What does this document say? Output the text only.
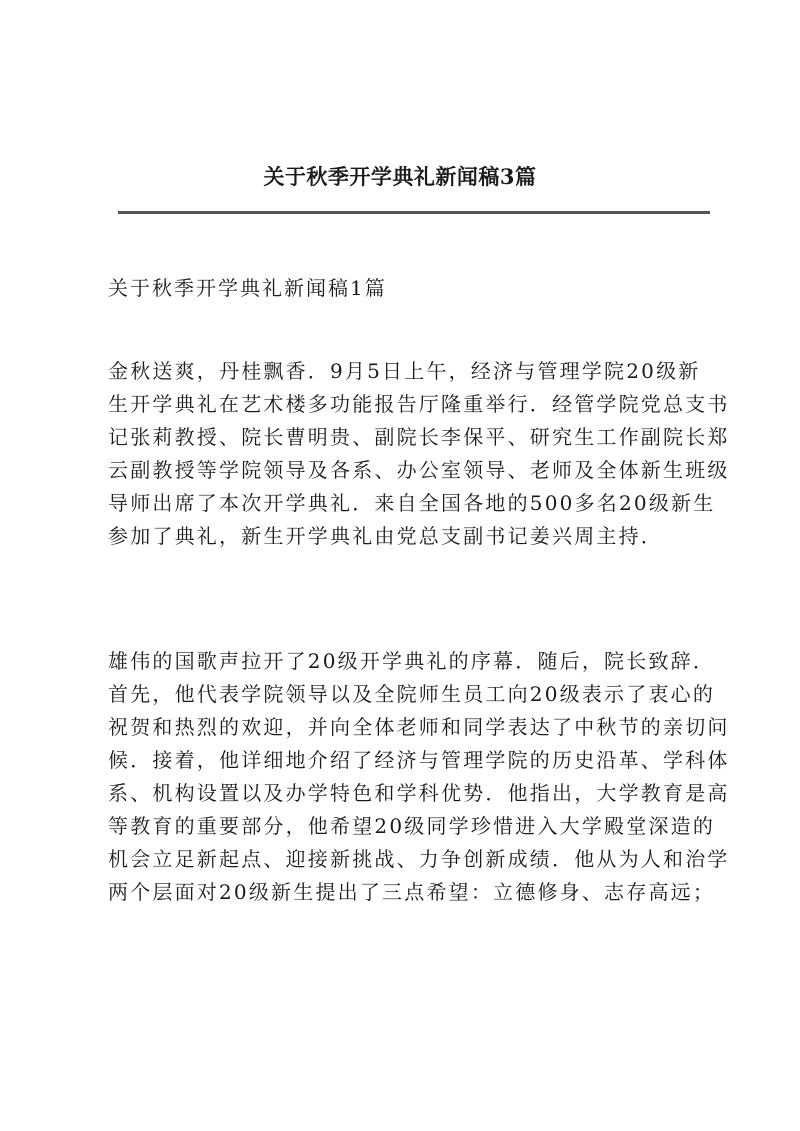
关于秋季开学典礼新闻稿3篇
关于秋季开学典礼新闻稿1篇

金秋送爽，丹桂飘香．9月5日上午，经济与管理学院20级新
生开学典礼在艺术楼多功能报告厅隆重举行．经管学院党总支书
记张莉教授、院长曹明贵、副院长李保平、研究生工作副院长郑
云副教授等学院领导及各系、办公室领导、老师及全体新生班级
导师出席了本次开学典礼．来自全国各地的500多名20级新生
参加了典礼，新生开学典礼由党总支副书记姜兴周主持．

雄伟的国歌声拉开了20级开学典礼的序幕．随后，院长致辞．
首先，他代表学院领导以及全院师生员工向20级表示了衷心的
祝贺和热烈的欢迎，并向全体老师和同学表达了中秋节的亲切问
候．接着，他详细地介绍了经济与管理学院的历史沿革、学科体
系、机构设置以及办学特色和学科优势．他指出，大学教育是高
等教育的重要部分，他希望20级同学珍惜进入大学殿堂深造的
机会立足新起点、迎接新挑战、力争创新成绩．他从为人和治学
两个层面对20级新生提出了三点希望：立德修身、志存高远；
